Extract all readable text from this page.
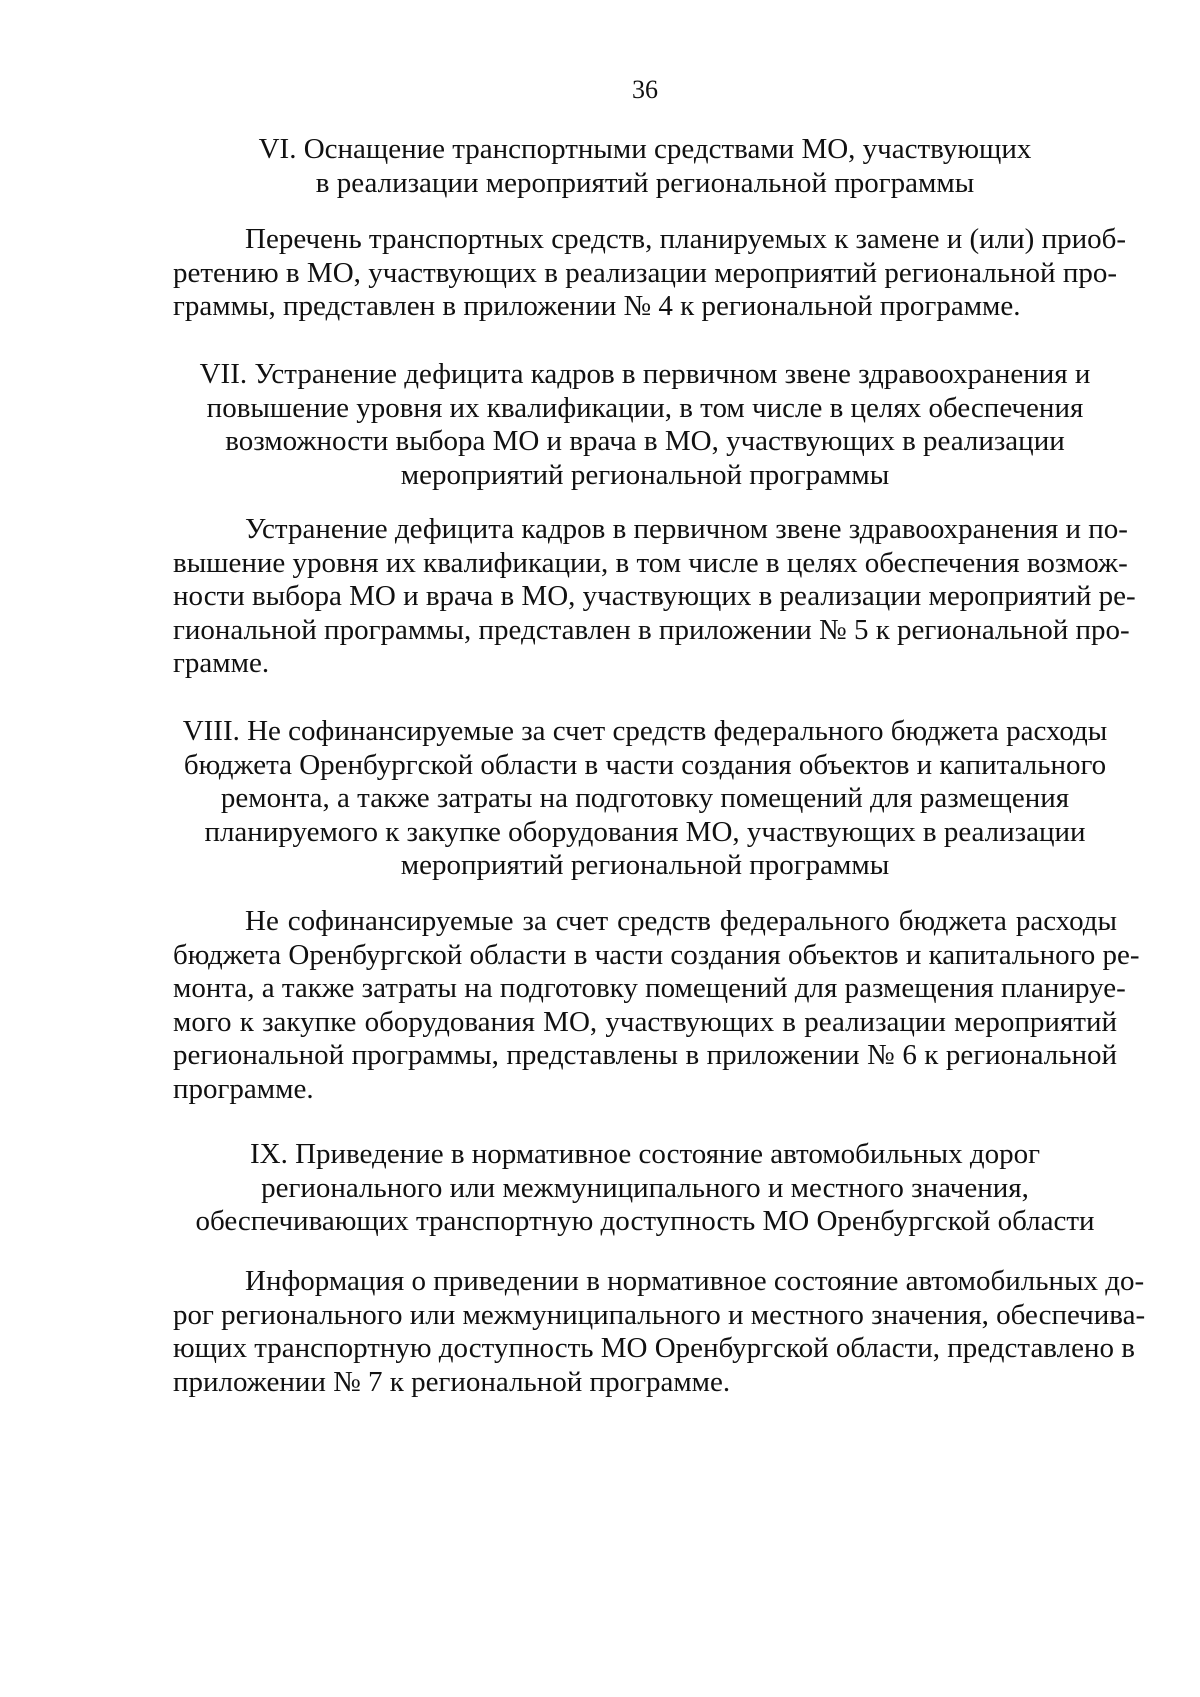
36
VI. Оснащение транспортными средствами МО, участвующих
в реализации мероприятий региональной программы
Перечень транспортных средств, планируемых к замене и (или) приоб-
ретению в МО, участвующих в реализации мероприятий региональной про-
граммы, представлен в приложении № 4 к региональной программе.
VII. Устранение дефицита кадров в первичном звене здравоохранения и
повышение уровня их квалификации, в том числе в целях обеспечения
возможности выбора МО и врача в МО, участвующих в реализации
мероприятий региональной программы
Устранение дефицита кадров в первичном звене здравоохранения и по-
вышение уровня их квалификации, в том числе в целях обеспечения возмож-
ности выбора МО и врача в МО, участвующих в реализации мероприятий ре-
гиональной программы, представлен в приложении № 5 к региональной про-
грамме.
VIII. Не софинансируемые за счет средств федерального бюджета расходы
бюджета Оренбургской области в части создания объектов и капитального
ремонта, а также затраты на подготовку помещений для размещения
планируемого к закупке оборудования МО, участвующих в реализации
мероприятий региональной программы
Не софинансируемые за счет средств федерального бюджета расходы
бюджета Оренбургской области в части создания объектов и капитального ре-
монта, а также затраты на подготовку помещений для размещения планируе-
мого к закупке оборудования МО, участвующих в реализации мероприятий
региональной программы, представлены в приложении № 6 к региональной
программе.
IX. Приведение в нормативное состояние автомобильных дорог
регионального или межмуниципального и местного значения,
обеспечивающих транспортную доступность МО Оренбургской области
Информация о приведении в нормативное состояние автомобильных до-
рог регионального или межмуниципального и местного значения, обеспечива-
ющих транспортную доступность МО Оренбургской области, представлено в
приложении № 7 к региональной программе.
